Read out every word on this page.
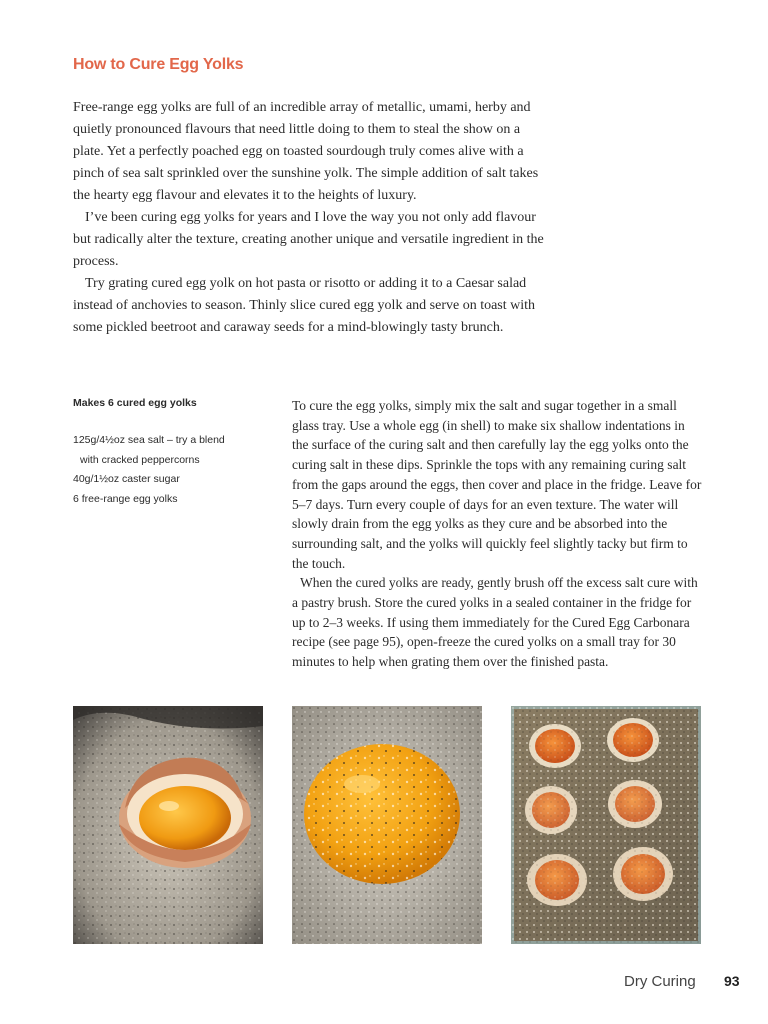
How to Cure Egg Yolks

Free-range egg yolks are full of an incredible array of metallic, umami, herby and quietly pronounced flavours that need little doing to them to steal the show on a plate. Yet a perfectly poached egg on toasted sourdough truly comes alive with a pinch of sea salt sprinkled over the sunshine yolk. The simple addition of salt takes the hearty egg flavour and elevates it to the heights of luxury.

I’ve been curing egg yolks for years and I love the way you not only add flavour but radically alter the texture, creating another unique and versatile ingredient in the process.

Try grating cured egg yolk on hot pasta or risotto or adding it to a Caesar salad instead of anchovies to season. Thinly slice cured egg yolk and serve on toast with some pickled beetroot and caraway seeds for a mind-blowingly tasty brunch.

Makes 6 cured egg yolks
125g/4½oz sea salt – try a blend
with cracked peppercorns
40g/1½oz caster sugar
6 free-range egg yolks

To cure the egg yolks, simply mix the salt and sugar together in a small glass tray. Use a whole egg (in shell) to make six shallow indentations in the surface of the curing salt and then carefully lay the egg yolks onto the curing salt in these dips. Sprinkle the tops with any remaining curing salt from the gaps around the eggs, then cover and place in the fridge. Leave for 5–7 days. Turn every couple of days for an even texture. The water will slowly drain from the egg yolks as they cure and be absorbed into the surrounding salt, and the yolks will quickly feel slightly tacky but firm to the touch.

When the cured yolks are ready, gently brush off the excess salt cure with a pastry brush. Store the cured yolks in a sealed container in the fridge for up to 2–3 weeks. If using them immediately for the Cured Egg Carbonara recipe (see page 95), open-freeze the cured yolks on a small tray for 30 minutes to help when grating them over the finished pasta.

Dry Curing 93
